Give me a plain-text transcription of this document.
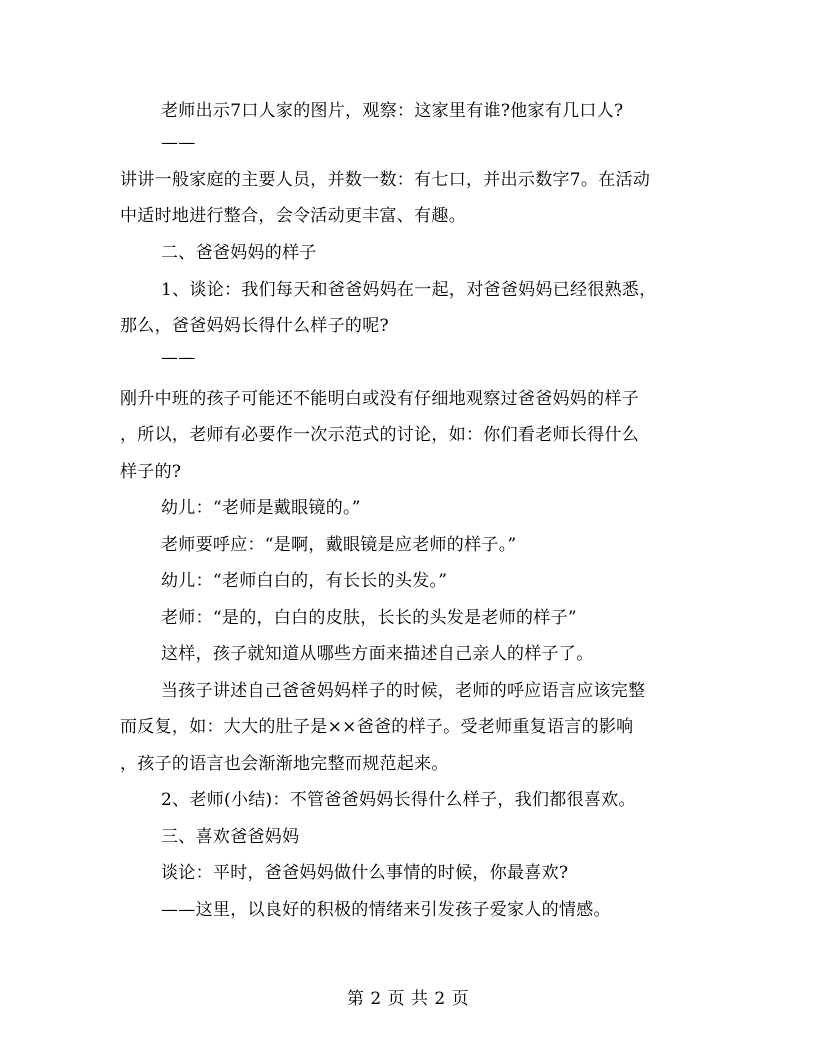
老师出示7口人家的图片，观察：这家里有谁?他家有几口人?
——
讲讲一般家庭的主要人员，并数一数：有七口，并出示数字7。在活动
中适时地进行整合，会令活动更丰富、有趣。
二、爸爸妈妈的样子
1、谈论：我们每天和爸爸妈妈在一起，对爸爸妈妈已经很熟悉，
那么，爸爸妈妈长得什么样子的呢?
——
刚升中班的孩子可能还不能明白或没有仔细地观察过爸爸妈妈的样子
，所以，老师有必要作一次示范式的讨论，如：你们看老师长得什么
样子的?
幼儿：“老师是戴眼镜的。”
老师要呼应：“是啊，戴眼镜是应老师的样子。”
幼儿：“老师白白的，有长长的头发。”
老师：“是的，白白的皮肤，长长的头发是老师的样子”
这样，孩子就知道从哪些方面来描述自己亲人的样子了。
当孩子讲述自己爸爸妈妈样子的时候，老师的呼应语言应该完整
而反复，如：大大的肚子是××爸爸的样子。受老师重复语言的影响
，孩子的语言也会渐渐地完整而规范起来。
2、老师(小结)：不管爸爸妈妈长得什么样子，我们都很喜欢。
三、喜欢爸爸妈妈
谈论：平时，爸爸妈妈做什么事情的时候，你最喜欢?
——这里，以良好的积极的情绪来引发孩子爱家人的情感。
第 2 页 共 2 页
